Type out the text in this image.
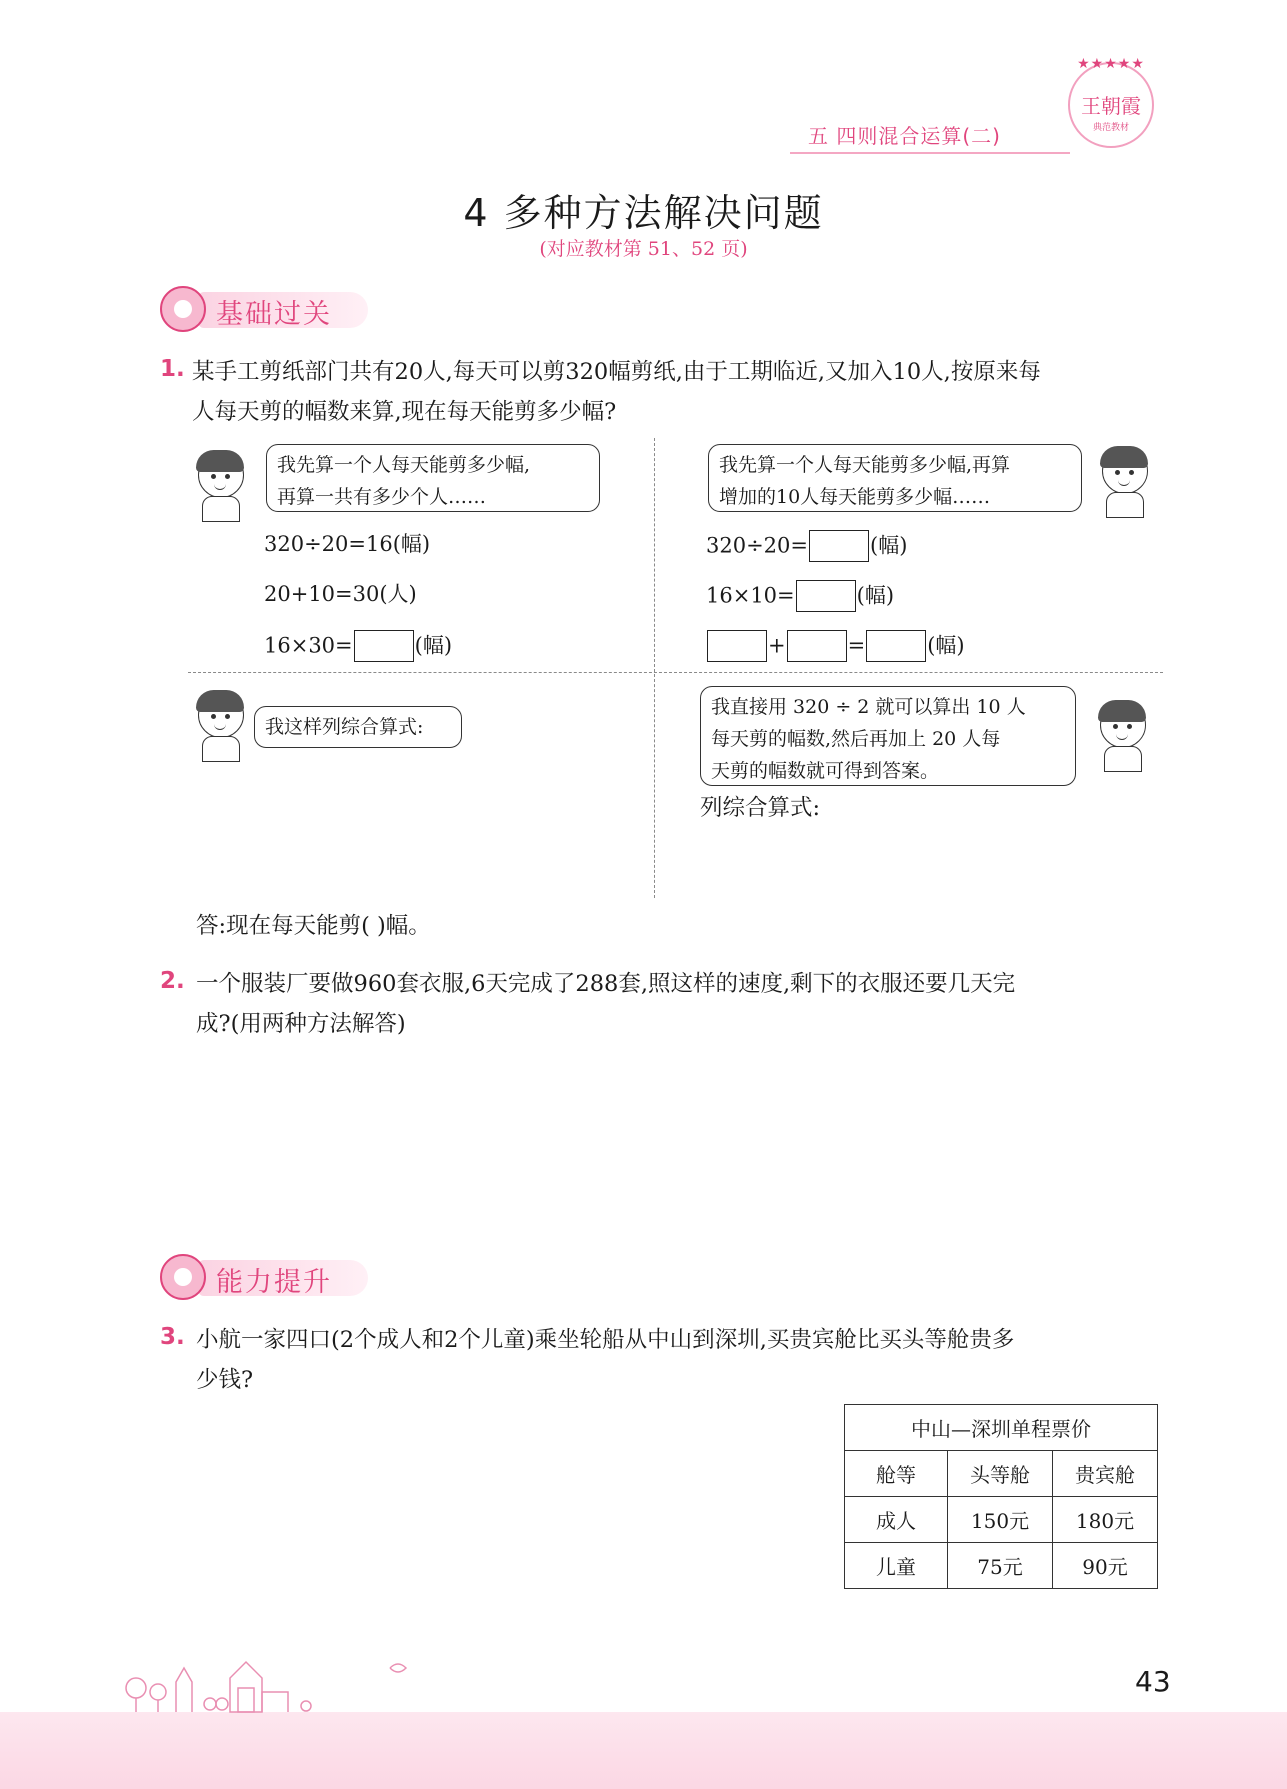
五 四则混合运算(二)
★★★★★
王朝霞
典范教材
4 多种方法解决问题
(对应教材第 51、52 页)
基础过关
1. 某手工剪纸部门共有20人,每天可以剪320幅剪纸,由于工期临近,又加入10人,按原来每
人每天剪的幅数来算,现在每天能剪多少幅?
我先算一个人每天能剪多少幅,
再算一共有多少个人……
320÷20=16(幅)
20+10=30(人)
16×30=	(幅)
我先算一个人每天能剪多少幅,再算
增加的10人每天能剪多少幅……
320÷20=	(幅)
16×10=	(幅)
+	=	(幅)
我这样列综合算式:
我直接用 320 ÷ 2 就可以算出 10 人
每天剪的幅数,然后再加上 20 人每
天剪的幅数就可得到答案。
列综合算式:
答:现在每天能剪( )幅。
2. 一个服装厂要做960套衣服,6天完成了288套,照这样的速度,剩下的衣服还要几天完
成?(用两种方法解答)
能力提升
3. 小航一家四口(2个成人和2个儿童)乘坐轮船从中山到深圳,买贵宾舱比买头等舱贵多
少钱?
中山—深圳单程票价		
舱等	头等舱	贵宾舱
成人	150元	180元
儿童	75元	90元
43
